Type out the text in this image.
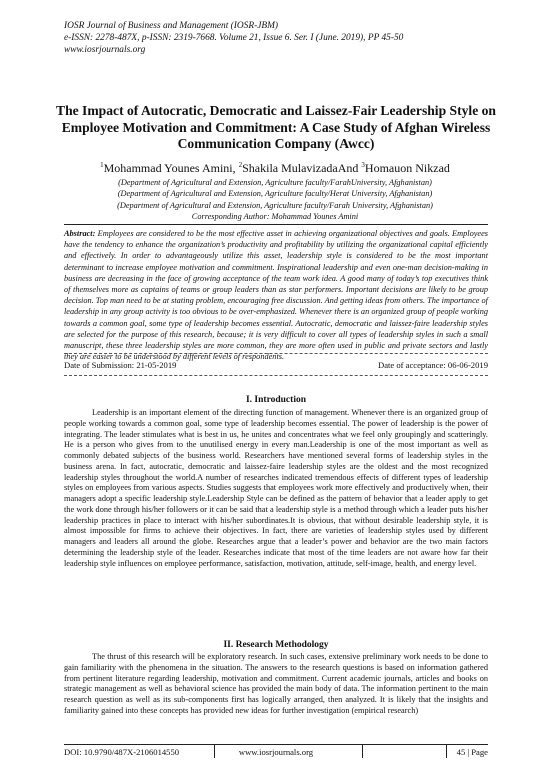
IOSR Journal of Business and Management (IOSR-JBM)
e-ISSN: 2278-487X, p-ISSN: 2319-7668. Volume 21, Issue 6. Ser. I (June. 2019), PP 45-50
www.iosrjournals.org
The Impact of Autocratic, Democratic and Laissez-Fair Leadership Style on Employee Motivation and Commitment: A Case Study of Afghan Wireless Communication Company (Awcc)
$^1$Mohammad Younes Amini, $^2$Shakila MulavizadaAnd $^3$Homauon Nikzad
(Department of Agricultural and Extension, Agriculture faculty/FarahUniversity, Afghanistan)
(Department of Agricultural and Extension, Agriculture faculty/Herat University, Afghanistan)
(Department of Agricultural and Extension, Agriculture faculty/Farah University, Afghanistan)
Corresponding Author: Mohammad Younes Amini

Abstract: Employees are considered to be the most effective asset in achieving organizational objectives and goals. Employees have the tendency to enhance the organization’s productivity and profitability by utilizing the organizational capital efficiently and effectively. In order to advantageously utilize this asset, leadership style is considered to be the most important determinant to increase employee motivation and commitment. Inspirational leadership and even one-man decision-making in business are decreasing in the face of growing acceptance of the team work idea. A good many of today’s top executives think of themselves more as captains of teams or group leaders than as star performers. Important decisions are likely to be group decision. Top man need to be at stating problem, encouraging free discussion. And getting ideas from others. The importance of leadership in any group activity is too obvious to be over-emphasized. Whenever there is an organized group of people working towards a common goal, some type of leadership becomes essential. Autocratic, democratic and laissez-faire leadership styles are selected for the purpose of this research, because; it is very difficult to cover all types of leadership styles in such a small manuscript, these three leadership styles are more common, they are more often used in public and private sectors and lastly they are easier to be understood by different levels of respondents.

Date of Submission: 21-05-2019	Date of acceptance: 06-06-2019
I. Introduction

Leadership is an important element of the directing function of management. Whenever there is an organized group of people working towards a common goal, some type of leadership becomes essential. The power of leadership is the power of integrating. The leader stimulates what is best in us, he unites and concentrates what we feel only groupingly and scatteringly. He is a person who gives from to the unutilised energy in every man.Leadership is one of the most important as well as commonly debated subjects of the business world. Researchers have mentioned several forms of leadership styles in the business arena. In fact, autocratic, democratic and laissez-faire leadership styles are the oldest and the most recognized leadership styles throughout the world.A number of researches indicated tremendous effects of different types of leadership styles on employees from various aspects. Studies suggests that employees work more effectively and productively when, their managers adopt a specific leadership style.Leadership Style can be defined as the pattern of behavior that a leader apply to get the work done through his/her followers or it can be said that a leadership style is a method through which a leader puts his/her leadership practices in place to interact with his/her subordinates.It is obvious, that without desirable leadership style, it is almost impossible for firms to achieve their objectives. In fact, there are varieties of leadership styles used by different managers and leaders all around the globe. Researches argue that a leader’s power and behavior are the two main factors determining the leadership style of the leader. Researches indicate that most of the time leaders are not aware how far their leadership style influences on employee performance, satisfaction, motivation, attitude, self-image, health, and energy level.

II. Research Methodology

The thrust of this research will be exploratory research. In such cases, extensive preliminary work needs to be done to gain familiarity with the phenomena in the situation. The answers to the research questions is based on information gathered from pertinent literature regarding leadership, motivation and commitment. Current academic journals, articles and books on strategic management as well as behavioral science has provided the main body of data. The information pertinent to the main research question as well as its sub-components first has logically arranged, then analyzed. It is likely that the insights and familiarity gained into these concepts has provided new ideas for further investigation (empirical research)

DOI: 10.9790/487X-2106014550	www.iosrjournals.org	45 | Page
